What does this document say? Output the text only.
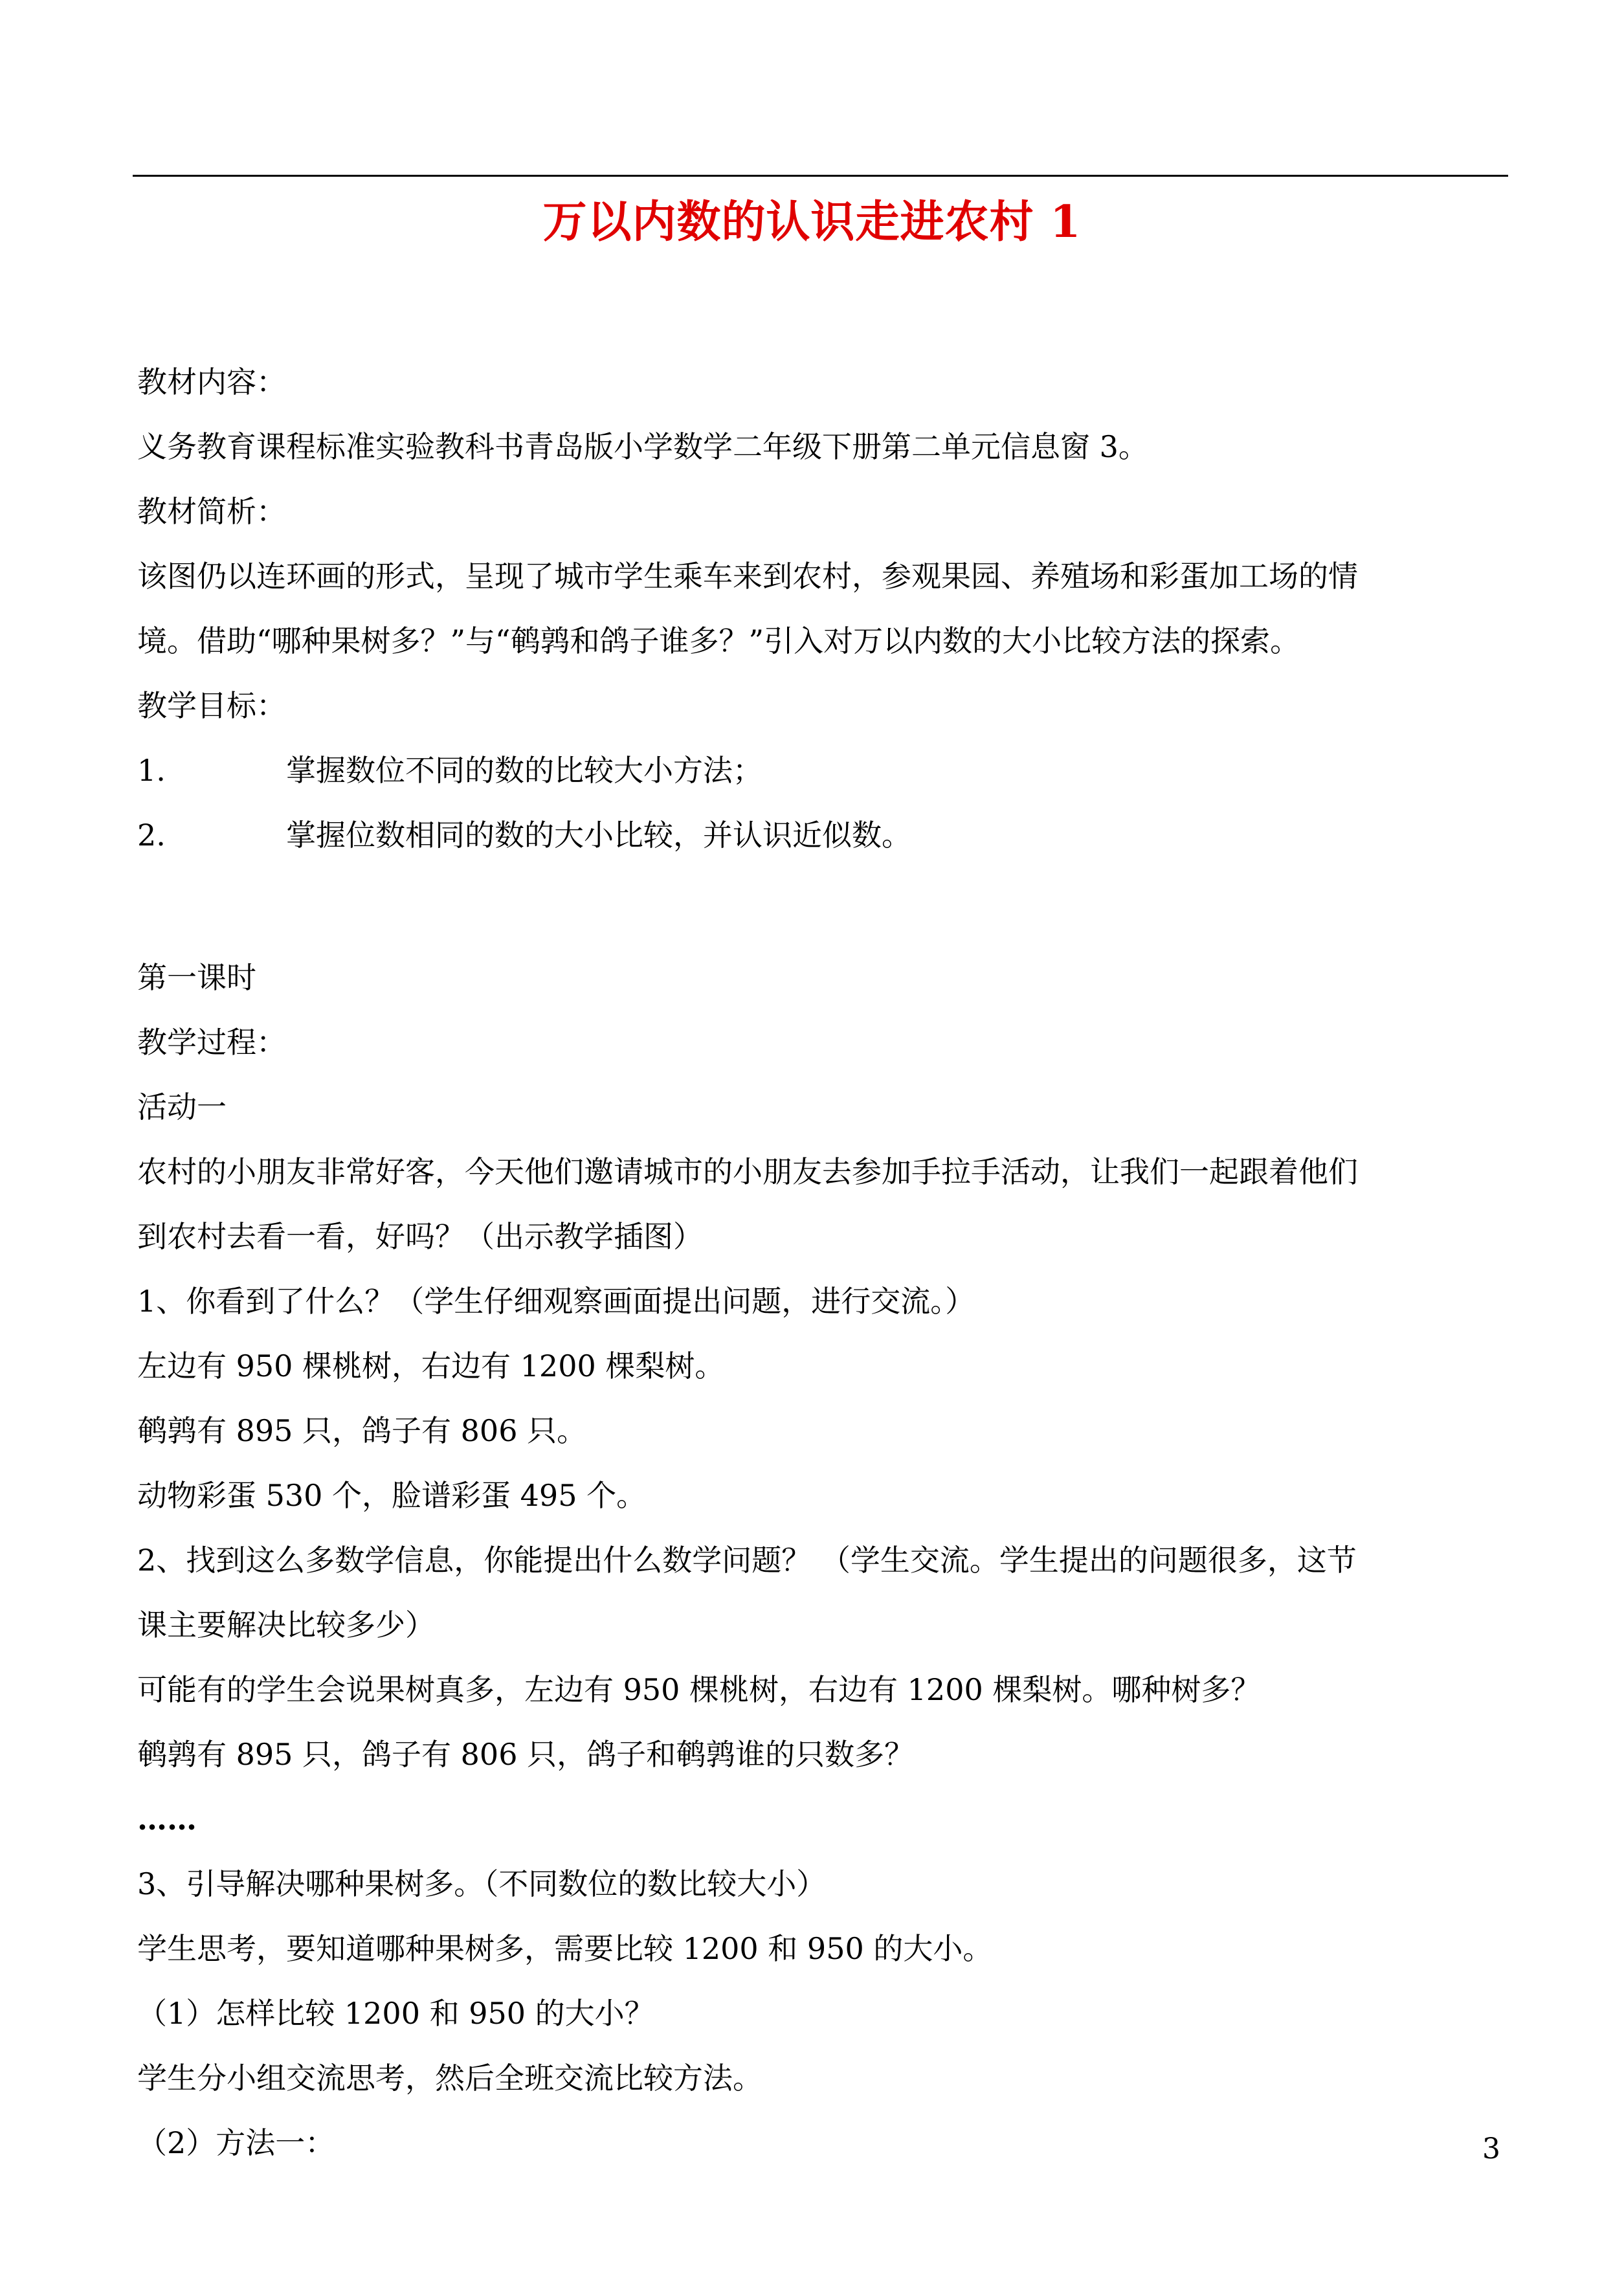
万以内数的认识走进农村 1
教材内容：
义务教育课程标准实验教科书青岛版小学数学二年级下册第二单元信息窗 3。
教材简析：
该图仍以连环画的形式，呈现了城市学生乘车来到农村，参观果园、养殖场和彩蛋加工场的情
境。借助“哪种果树多？”与“鹌鹑和鸽子谁多？”引入对万以内数的大小比较方法的探索。
教学目标：
1.	掌握数位不同的数的比较大小方法；
2.	掌握位数相同的数的大小比较，并认识近似数。
第一课时
教学过程：
活动一
农村的小朋友非常好客，今天他们邀请城市的小朋友去参加手拉手活动，让我们一起跟着他们
到农村去看一看，好吗？（出示教学插图）
1、你看到了什么？（学生仔细观察画面提出问题，进行交流。）
左边有 950 棵桃树，右边有 1200 棵梨树。
鹌鹑有 895 只，鸽子有 806 只。
动物彩蛋 530 个，脸谱彩蛋 495 个。
2、找到这么多数学信息，你能提出什么数学问题？ （学生交流。学生提出的问题很多，这节
课主要解决比较多少）
可能有的学生会说果树真多，左边有 950 棵桃树，右边有 1200 棵梨树。哪种树多？
鹌鹑有 895 只，鸽子有 806 只，鸽子和鹌鹑谁的只数多？
……
3、引导解决哪种果树多。（不同数位的数比较大小）
学生思考，要知道哪种果树多，需要比较 1200 和 950 的大小。
（1）怎样比较 1200 和 950 的大小？
学生分小组交流思考，然后全班交流比较方法。
（2）方法一：	3
